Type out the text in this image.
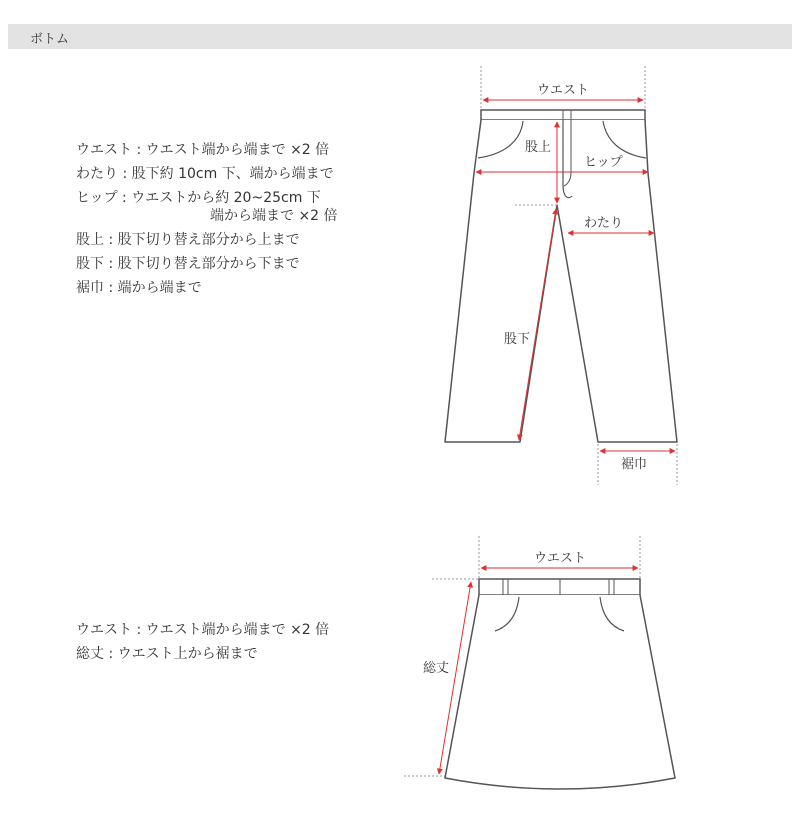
ボトム
ウエスト : ウエスト端から端まで ×2 倍
わたり : 股下約 10cm 下、端から端まで
ヒップ : ウエストから約 20~25cm 下
端から端まで ×2 倍
股上 : 股下切り替え部分から上まで
股下 : 股下切り替え部分から下まで
裾巾 : 端から端まで
ウエスト : ウエスト端から端まで ×2 倍
総丈 : ウエスト上から裾まで
ウエスト
股上
ヒップ
わたり
股下
裾巾
ウエスト
総丈
